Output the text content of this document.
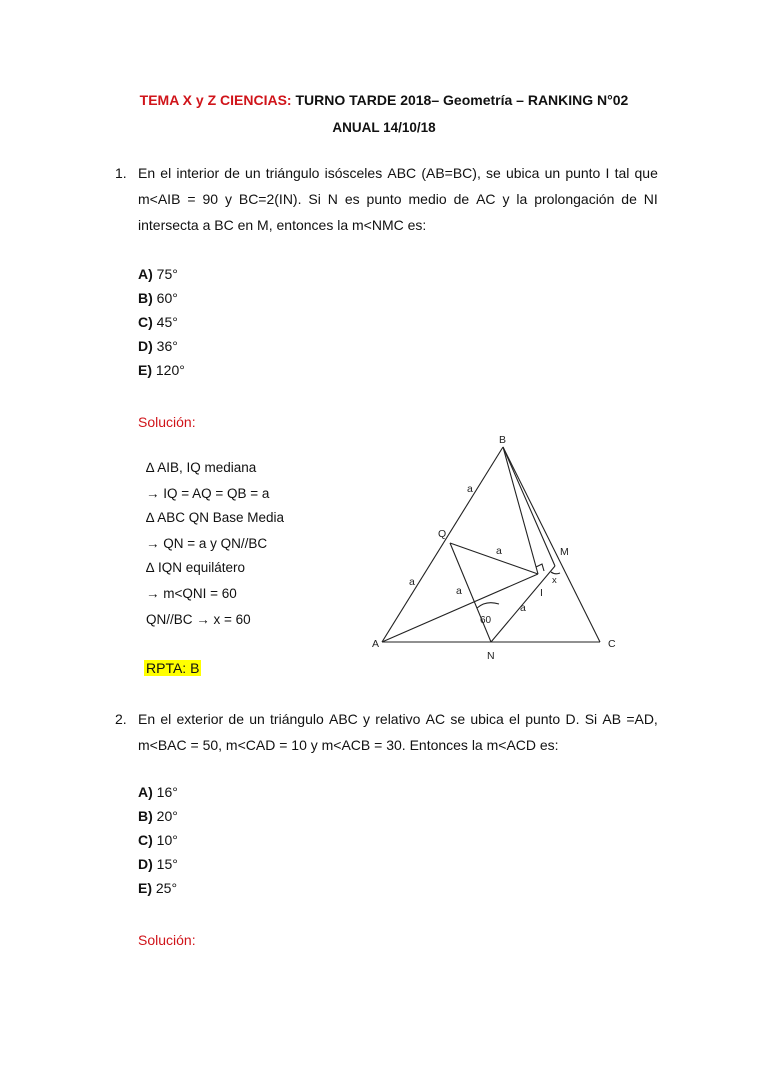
TEMA X y Z CIENCIAS: TURNO TARDE 2018– Geometría – RANKING N°02
ANUAL 14/10/18
1. En el interior de un triángulo isósceles ABC (AB=BC), se ubica un punto I tal que
m<AIB = 90 y BC=2(IN). Si N es punto medio de AC y la prolongación de NI
intersecta a BC en M, entonces la m<NMC es:
A) 75°
B) 60°
C) 45°
D) 36°
E) 120°
Solución:
∆ AIB, IQ mediana
→ IQ = AQ = QB = a
∆ ABC QN Base Media
→ QN = a y QN//BC
∆ IQN equilátero
→ m<QNI = 60
QN//BC → x = 60
RPTA: B
B
A	C
N
Q
M
I
x
60
a
a
a
a
a
2. En el exterior de un triángulo ABC y relativo AC se ubica el punto D. Si AB =AD,
m<BAC = 50, m<CAD = 10 y m<ACB = 30. Entonces la m<ACD es:
A) 16°
B) 20°
C) 10°
D) 15°
E) 25°
Solución:
